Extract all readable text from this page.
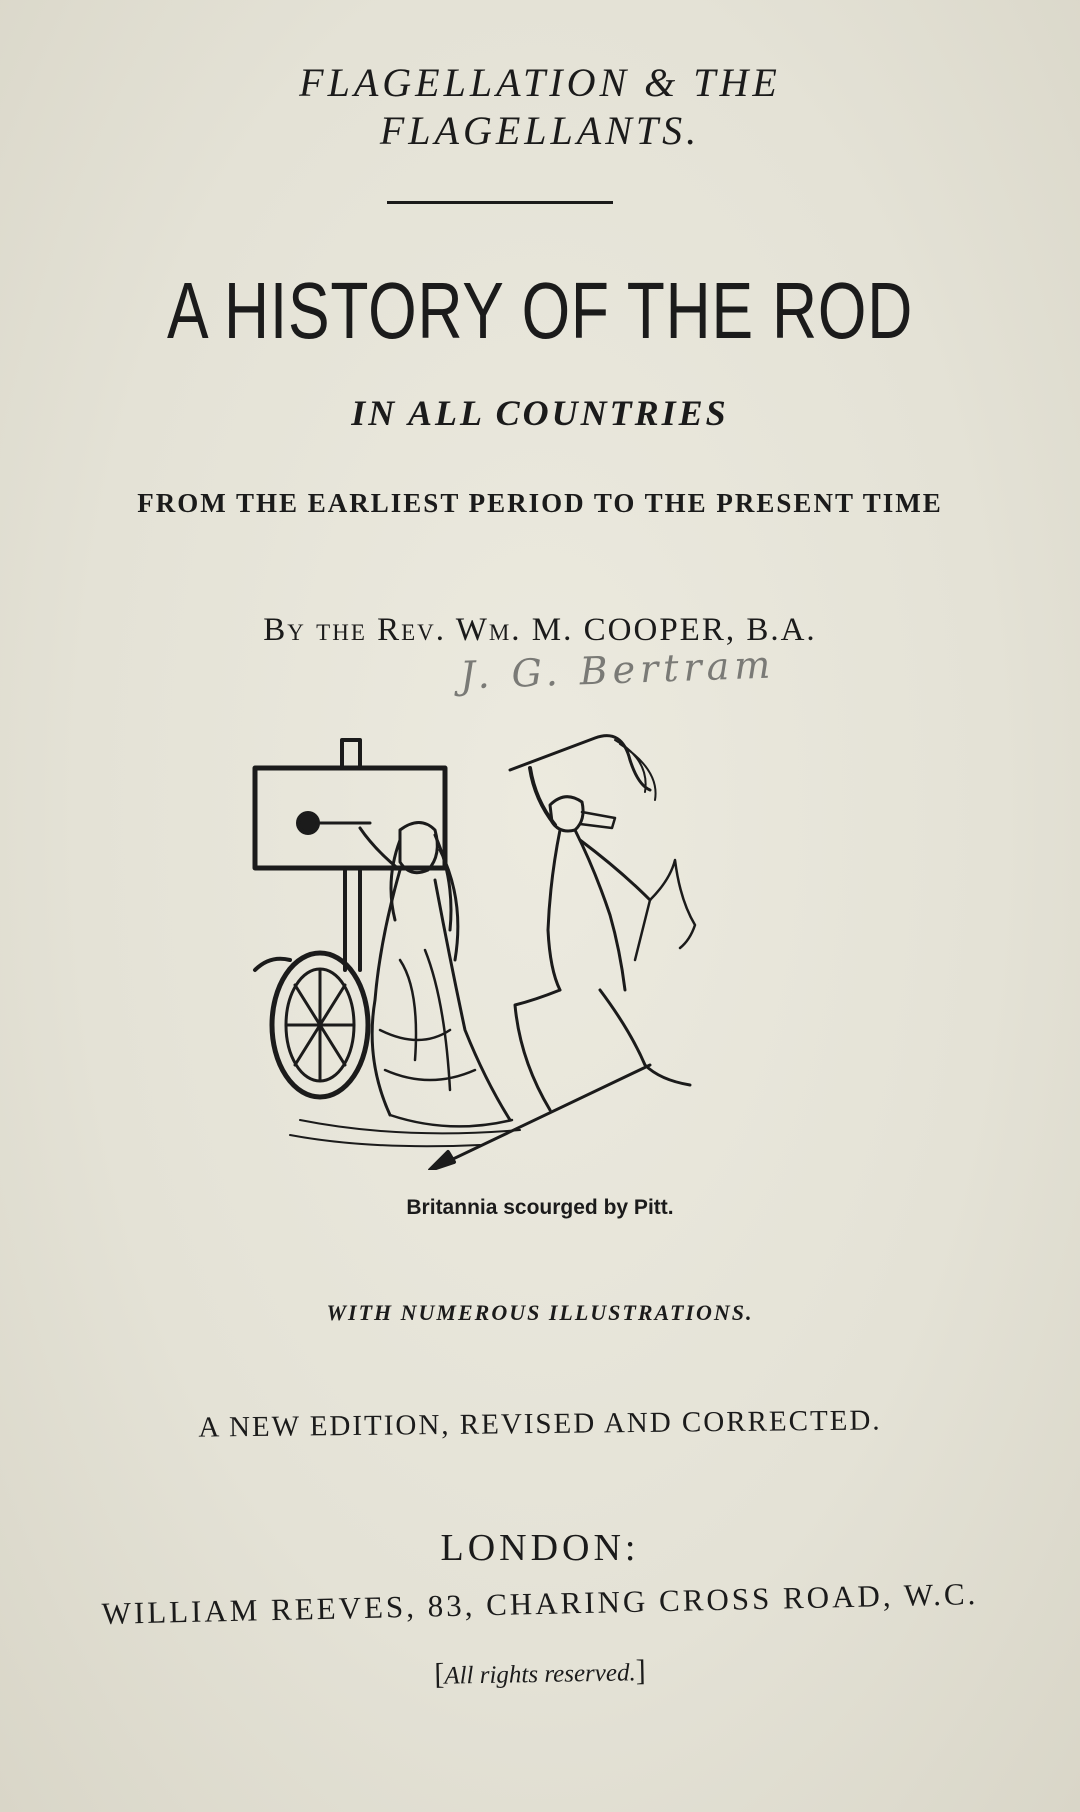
FLAGELLATION & THE
FLAGELLANTS.
A HISTORY OF THE ROD
IN ALL COUNTRIES
FROM THE EARLIEST PERIOD TO THE PRESENT TIME
By the Rev. Wm. M. COOPER, B.A.
J. G. Bertram
Britannia scourged by Pitt.
WITH NUMEROUS ILLUSTRATIONS.
A NEW EDITION, REVISED AND CORRECTED.
LONDON:
WILLIAM REEVES, 83, CHARING CROSS ROAD, W.C.
[All rights reserved.]
